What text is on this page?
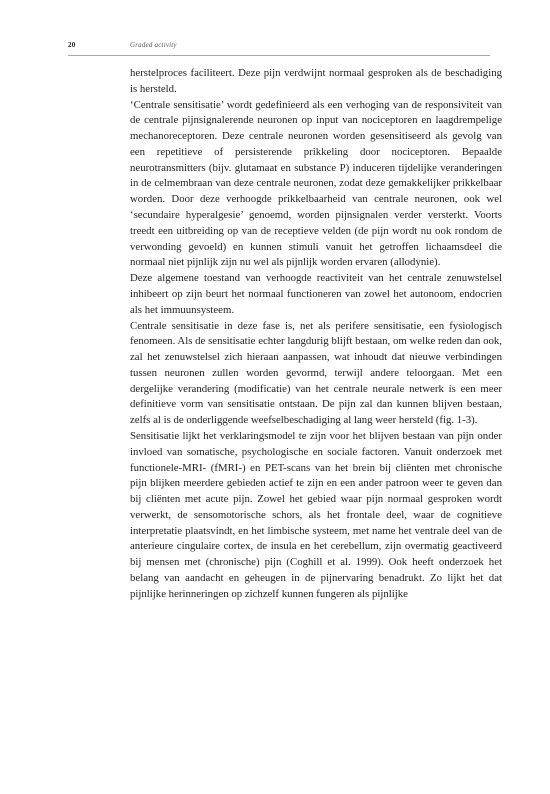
20	Graded activity

herstelproces faciliteert. Deze pijn verdwijnt normaal gesproken als de beschadiging is hersteld.

‘Centrale sensitisatie’ wordt gedefinieerd als een verhoging van de responsiviteit van de centrale pijnsignalerende neuronen op input van nociceptoren en laagdrempelige mechanoreceptoren. Deze centrale neuronen worden gesensitiseerd als gevolg van een repetitieve of persisterende prikkeling door nociceptoren. Bepaalde neurotransmitters (bijv. glutamaat en substance P) induceren tijdelijke veranderingen in de celmembraan van deze centrale neuronen, zodat deze gemakkelijker prikkelbaar worden. Door deze verhoogde prikkelbaarheid van centrale neuronen, ook wel ‘secundaire hyperalgesie’ genoemd, worden pijnsignalen verder versterkt. Voorts treedt een uitbreiding op van de receptieve velden (de pijn wordt nu ook rondom de verwonding gevoeld) en kunnen stimuli vanuit het getroffen lichaamsdeel die normaal niet pijnlijk zijn nu wel als pijnlijk worden ervaren (allodynie).

Deze algemene toestand van verhoogde reactiviteit van het centrale zenuwstelsel inhibeert op zijn beurt het normaal functioneren van zowel het autonoom, endocrien als het immuunsysteem.

Centrale sensitisatie in deze fase is, net als perifere sensitisatie, een fysiologisch fenomeen. Als de sensitisatie echter langdurig blijft bestaan, om welke reden dan ook, zal het zenuwstelsel zich hieraan aanpassen, wat inhoudt dat nieuwe verbindingen tussen neuronen zullen worden gevormd, terwijl andere teloorgaan. Met een dergelijke verandering (modificatie) van het centrale neurale netwerk is een meer definitieve vorm van sensitisatie ontstaan. De pijn zal dan kunnen blijven bestaan, zelfs al is de onderliggende weefselbeschadiging al lang weer hersteld (fig. 1-3).

Sensitisatie lijkt het verklaringsmodel te zijn voor het blijven bestaan van pijn onder invloed van somatische, psychologische en sociale factoren. Vanuit onderzoek met functionele-MRI- (fMRI-) en PET-scans van het brein bij cliënten met chronische pijn blijken meerdere gebieden actief te zijn en een ander patroon weer te geven dan bij cliënten met acute pijn. Zowel het gebied waar pijn normaal gesproken wordt verwerkt, de sensomotorische schors, als het frontale deel, waar de cognitieve interpretatie plaatsvindt, en het limbische systeem, met name het ventrale deel van de anterieure cingulaire cortex, de insula en het cerebellum, zijn overmatig geactiveerd bij mensen met (chronische) pijn (Coghill et al. 1999). Ook heeft onderzoek het belang van aandacht en geheugen in de pijnervaring benadrukt. Zo lijkt het dat pijnlijke herinneringen op zichzelf kunnen fungeren als pijnlijke
